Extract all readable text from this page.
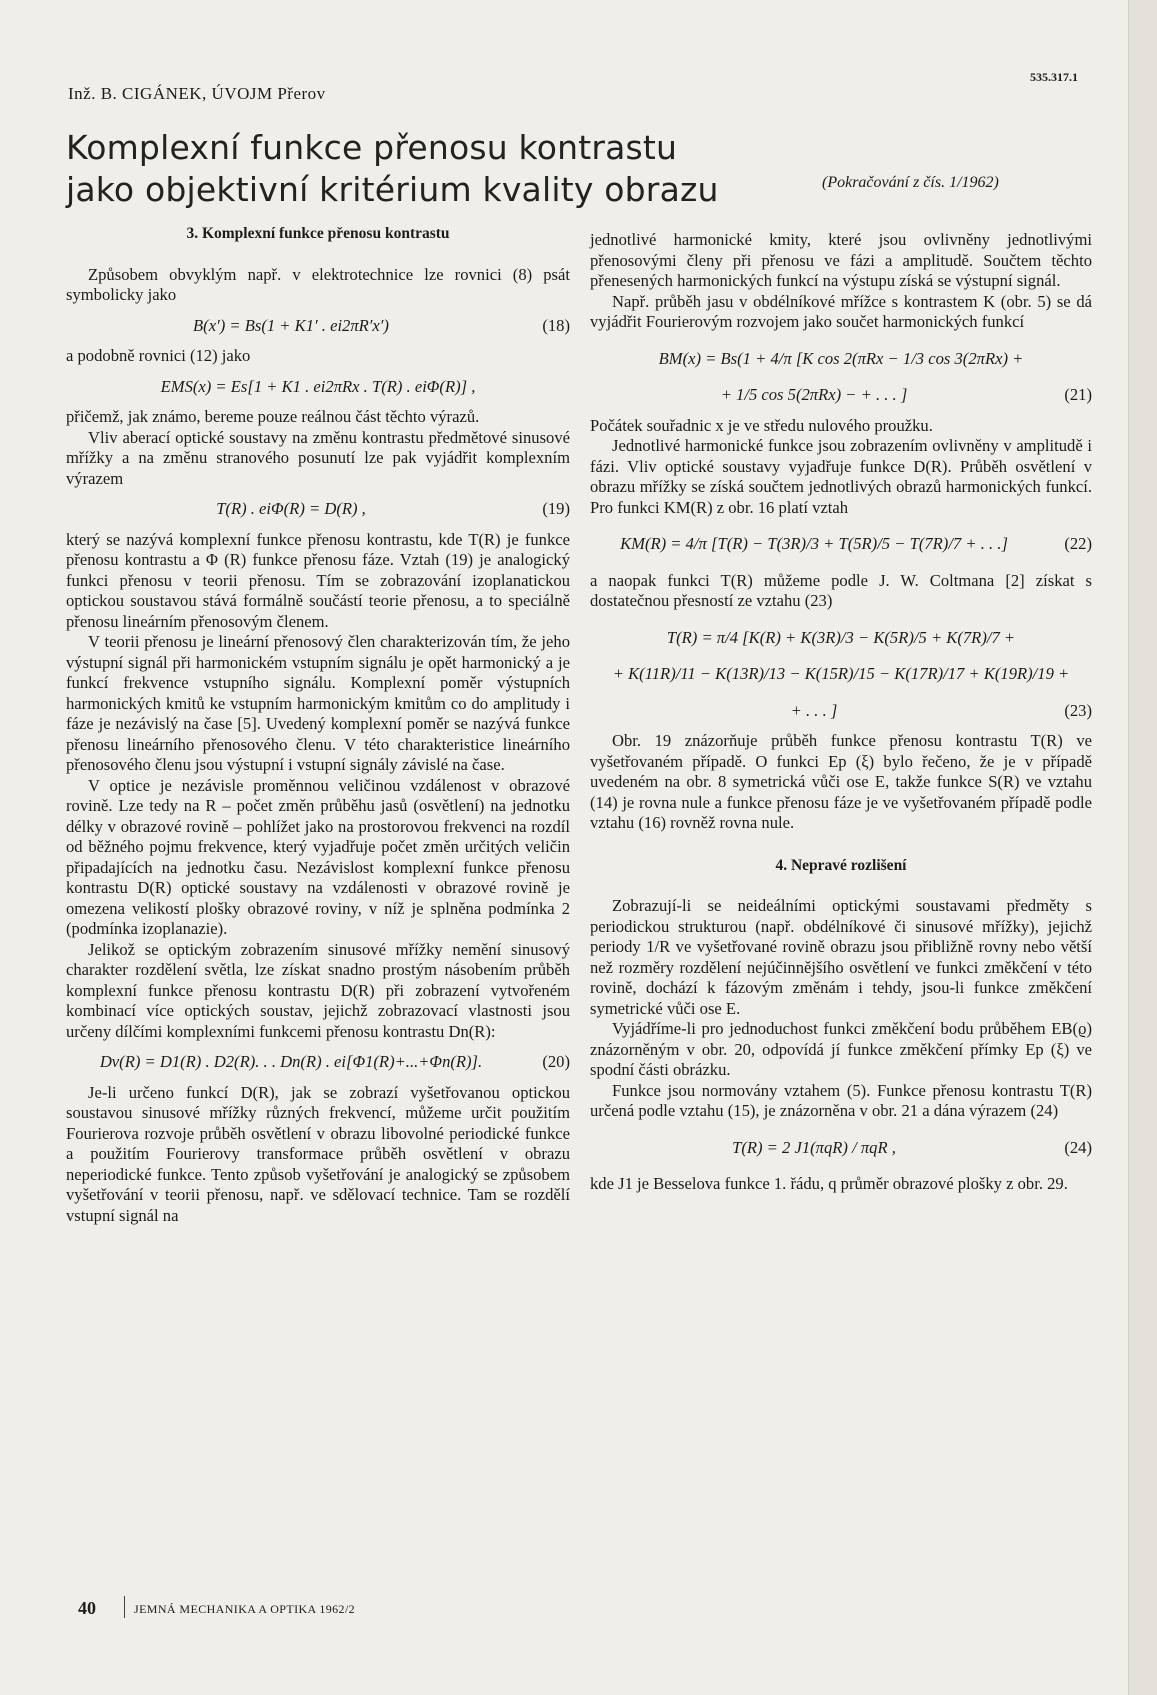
Inž. B. CIGÁNEK, ÚVOJM Přerov
535.317.1
Komplexní funkce přenosu kontrastu
jako objektivní kritérium kvality obrazu	(Pokračování z čís. 1/1962)
3. Komplexní funkce přenosu kontrastu

Způsobem obvyklým např. v elektrotechnice lze rovnici (8) psát symbolicky jako

B(x′) = Bs(1 + K1′ . ei2πR′x′)	(18)

a podobně rovnici (12) jako

EMS(x) = Es[1 + K1 . ei2πRx . T(R) . eiΦ(R)] ,

přičemž, jak známo, bereme pouze reálnou část těchto výrazů.

Vliv aberací optické soustavy na změnu kontrastu předmětové sinusové mřížky a na změnu stranového posunutí lze pak vyjádřit komplexním výrazem

T(R) . eiΦ(R) = D(R) ,	(19)

který se nazývá komplexní funkce přenosu kontrastu, kde T(R) je funkce přenosu kontrastu a Φ (R) funkce přenosu fáze. Vztah (19) je analogický funkci přenosu v teorii přenosu. Tím se zobrazování izoplanatickou optickou soustavou stává formálně součástí teorie přenosu, a to speciálně přenosu lineárním přenosovým členem.

V teorii přenosu je lineární přenosový člen charakterizován tím, že jeho výstupní signál při harmonickém vstupním signálu je opět harmonický a je funkcí frekvence vstupního signálu. Komplexní poměr výstupních harmonických kmitů ke vstupním harmonickým kmitům co do amplitudy i fáze je nezávislý na čase [5]. Uvedený komplexní poměr se nazývá funkce přenosu lineárního přenosového členu. V této charakteristice lineárního přenosového členu jsou výstupní i vstupní signály závislé na čase.

V optice je nezávisle proměnnou veličinou vzdálenost v obrazové rovině. Lze tedy na R – počet změn průběhu jasů (osvětlení) na jednotku délky v obrazové rovině – pohlížet jako na prostorovou frekvenci na rozdíl od běžného pojmu frekvence, který vyjadřuje počet změn určitých veličin připadajících na jednotku času. Nezávislost komplexní funkce přenosu kontrastu D(R) optické soustavy na vzdálenosti v obrazové rovině je omezena velikostí plošky obrazové roviny, v níž je splněna podmínka 2 (podmínka izoplanazie).

Jelikož se optickým zobrazením sinusové mřížky nemění sinusový charakter rozdělení světla, lze získat snadno prostým násobením průběh komplexní funkce přenosu kontrastu D(R) při zobrazení vytvořeném kombinací více optických soustav, jejichž zobrazovací vlastnosti jsou určeny dílčími komplexními funkcemi přenosu kontrastu Dn(R):

Dv(R) = D1(R) . D2(R). . . Dn(R) . ei[Φ1(R)+...+Φn(R)].	(20)

Je-li určeno funkcí D(R), jak se zobrazí vyšetřovanou optickou soustavou sinusové mřížky různých frekvencí, můžeme určit použitím Fourierova rozvoje průběh osvětlení v obrazu libovolné periodické funkce a použitím Fourierovy transformace průběh osvětlení v obrazu neperiodické funkce. Tento způsob vyšetřování je analogický se způsobem vyšetřování v teorii přenosu, např. ve sdělovací technice. Tam se rozdělí vstupní signál na

jednotlivé harmonické kmity, které jsou ovlivněny jednotlivými přenosovými členy při přenosu ve fázi a amplitudě. Součtem těchto přenesených harmonických funkcí na výstupu získá se výstupní signál.

Např. průběh jasu v obdélníkové mřížce s kontrastem K (obr. 5) se dá vyjádřit Fourierovým rozvojem jako součet harmonických funkcí

BM(x) = Bs(1 + 4/π [K cos 2(πRx − 1/3 cos 3(2πRx) +
+ 1/5 cos 5(2πRx) − + . . . ]	(21)

Počátek souřadnic x je ve středu nulového proužku.

Jednotlivé harmonické funkce jsou zobrazením ovlivněny v amplitudě i fázi. Vliv optické soustavy vyjadřuje funkce D(R). Průběh osvětlení v obrazu mřížky se získá součtem jednotlivých obrazů harmonických funkcí. Pro funkci KM(R) z obr. 16 platí vztah

KM(R) = 4/π [T(R) − T(3R)/3 + T(5R)/5 − T(7R)/7 + . . .]	(22)

a naopak funkci T(R) můžeme podle J. W. Coltmana [2] získat s dostatečnou přesností ze vztahu (23)

T(R) = π/4 [K(R) + K(3R)/3 − K(5R)/5 + K(7R)/7 +
+ K(11R)/11 − K(13R)/13 − K(15R)/15 − K(17R)/17 + K(19R)/19 +
+ . . . ]	(23)

Obr. 19 znázorňuje průběh funkce přenosu kontrastu T(R) ve vyšetřovaném případě. O funkci Ep (ξ) bylo řečeno, že je v případě uvedeném na obr. 8 symetrická vůči ose E, takže funkce S(R) ve vztahu (14) je rovna nule a funkce přenosu fáze je ve vyšetřovaném případě podle vztahu (16) rovněž rovna nule.

4. Nepravé rozlišení

Zobrazují-li se neideálními optickými soustavami předměty s periodickou strukturou (např. obdélníkové či sinusové mřížky), jejichž periody 1/R ve vyšetřované rovině obrazu jsou přibližně rovny nebo větší než rozměry rozdělení nejúčinnějšího osvětlení ve funkci změkčení v této rovině, dochází k fázovým změnám i tehdy, jsou-li funkce změkčení symetrické vůči ose E.

Vyjádříme-li pro jednoduchost funkci změkčení bodu průběhem EB(ϱ) znázorněným v obr. 20, odpovídá jí funkce změkčení přímky Ep (ξ) ve spodní části obrázku.

Funkce jsou normovány vztahem (5). Funkce přenosu kontrastu T(R) určená podle vztahu (15), je znázorněna v obr. 21 a dána výrazem (24)

T(R) = 2 J1(πqR) / πqR ,	(24)

kde J1 je Besselova funkce 1. řádu, q průměr obrazové plošky z obr. 29.

40	JEMNÁ MECHANIKA A OPTIKA 1962/2
